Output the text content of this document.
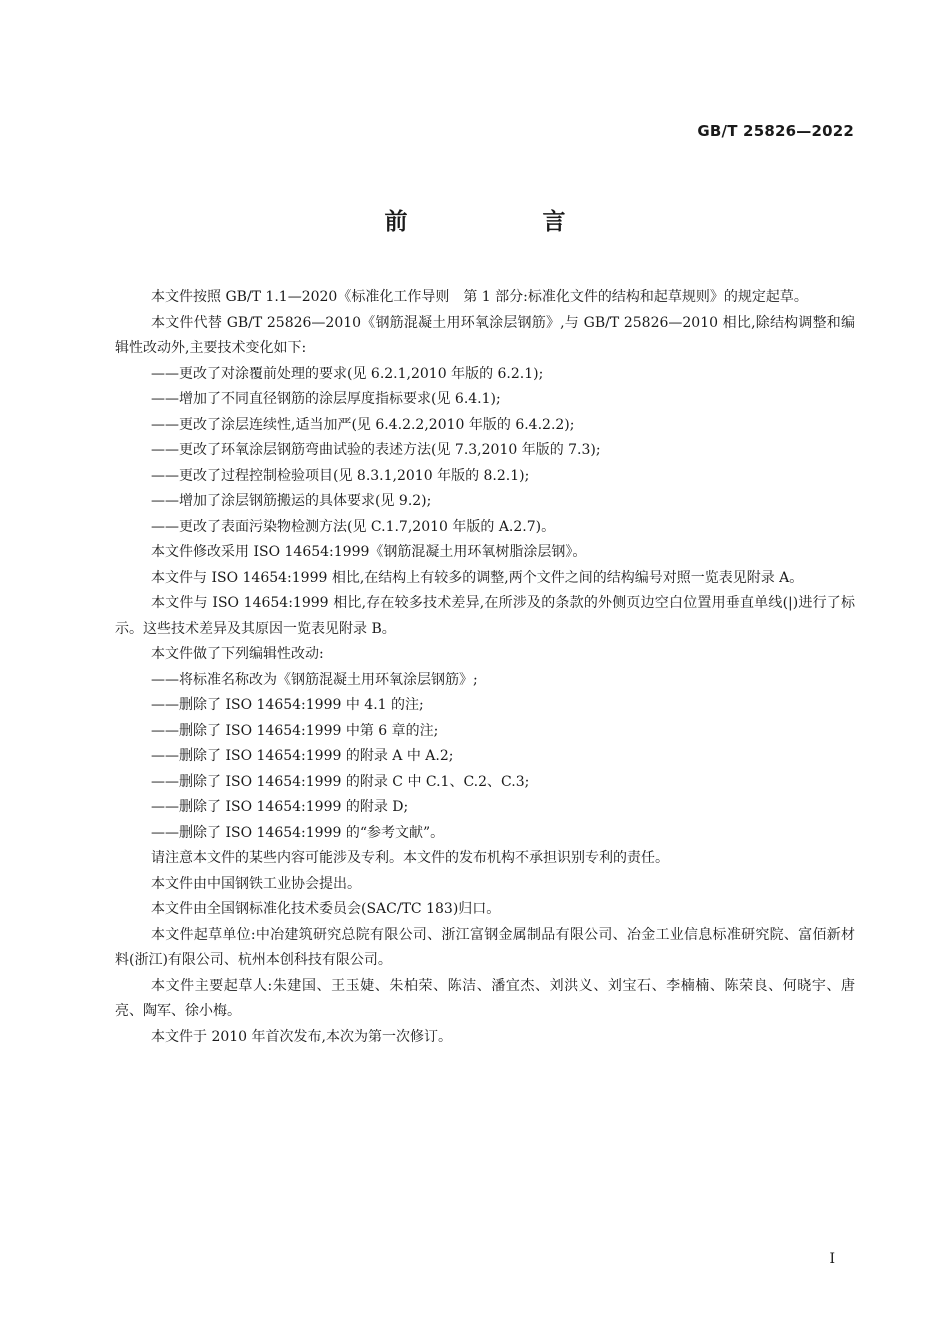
GB/T 25826—2022
前　言

本文件按照 GB/T 1.1—2020《标准化工作导则　第 1 部分:标准化文件的结构和起草规则》的规定起草。

本文件代替 GB/T 25826—2010《钢筋混凝土用环氧涂层钢筋》,与 GB/T 25826—2010 相比,除结构调整和编辑性改动外,主要技术变化如下:

——更改了对涂覆前处理的要求(见 6.2.1,2010 年版的 6.2.1);

——增加了不同直径钢筋的涂层厚度指标要求(见 6.4.1);

——更改了涂层连续性,适当加严(见 6.4.2.2,2010 年版的 6.4.2.2);

——更改了环氧涂层钢筋弯曲试验的表述方法(见 7.3,2010 年版的 7.3);

——更改了过程控制检验项目(见 8.3.1,2010 年版的 8.2.1);

——增加了涂层钢筋搬运的具体要求(见 9.2);

——更改了表面污染物检测方法(见 C.1.7,2010 年版的 A.2.7)。

本文件修改采用 ISO 14654:1999《钢筋混凝土用环氧树脂涂层钢》。

本文件与 ISO 14654:1999 相比,在结构上有较多的调整,两个文件之间的结构编号对照一览表见附录 A。

本文件与 ISO 14654:1999 相比,存在较多技术差异,在所涉及的条款的外侧页边空白位置用垂直单线(|)进行了标示。这些技术差异及其原因一览表见附录 B。

本文件做了下列编辑性改动:

——将标准名称改为《钢筋混凝土用环氧涂层钢筋》;

——删除了 ISO 14654:1999 中 4.1 的注;

——删除了 ISO 14654:1999 中第 6 章的注;

——删除了 ISO 14654:1999 的附录 A 中 A.2;

——删除了 ISO 14654:1999 的附录 C 中 C.1、C.2、C.3;

——删除了 ISO 14654:1999 的附录 D;

——删除了 ISO 14654:1999 的“参考文献”。

请注意本文件的某些内容可能涉及专利。本文件的发布机构不承担识别专利的责任。

本文件由中国钢铁工业协会提出。

本文件由全国钢标准化技术委员会(SAC/TC 183)归口。

本文件起草单位:中冶建筑研究总院有限公司、浙江富钢金属制品有限公司、冶金工业信息标准研究院、富佰新材料(浙江)有限公司、杭州本创科技有限公司。

本文件主要起草人:朱建国、王玉婕、朱柏荣、陈洁、潘宜杰、刘洪义、刘宝石、李楠楠、陈荣良、何晓宇、唐亮、陶军、徐小梅。

本文件于 2010 年首次发布,本次为第一次修订。

I
